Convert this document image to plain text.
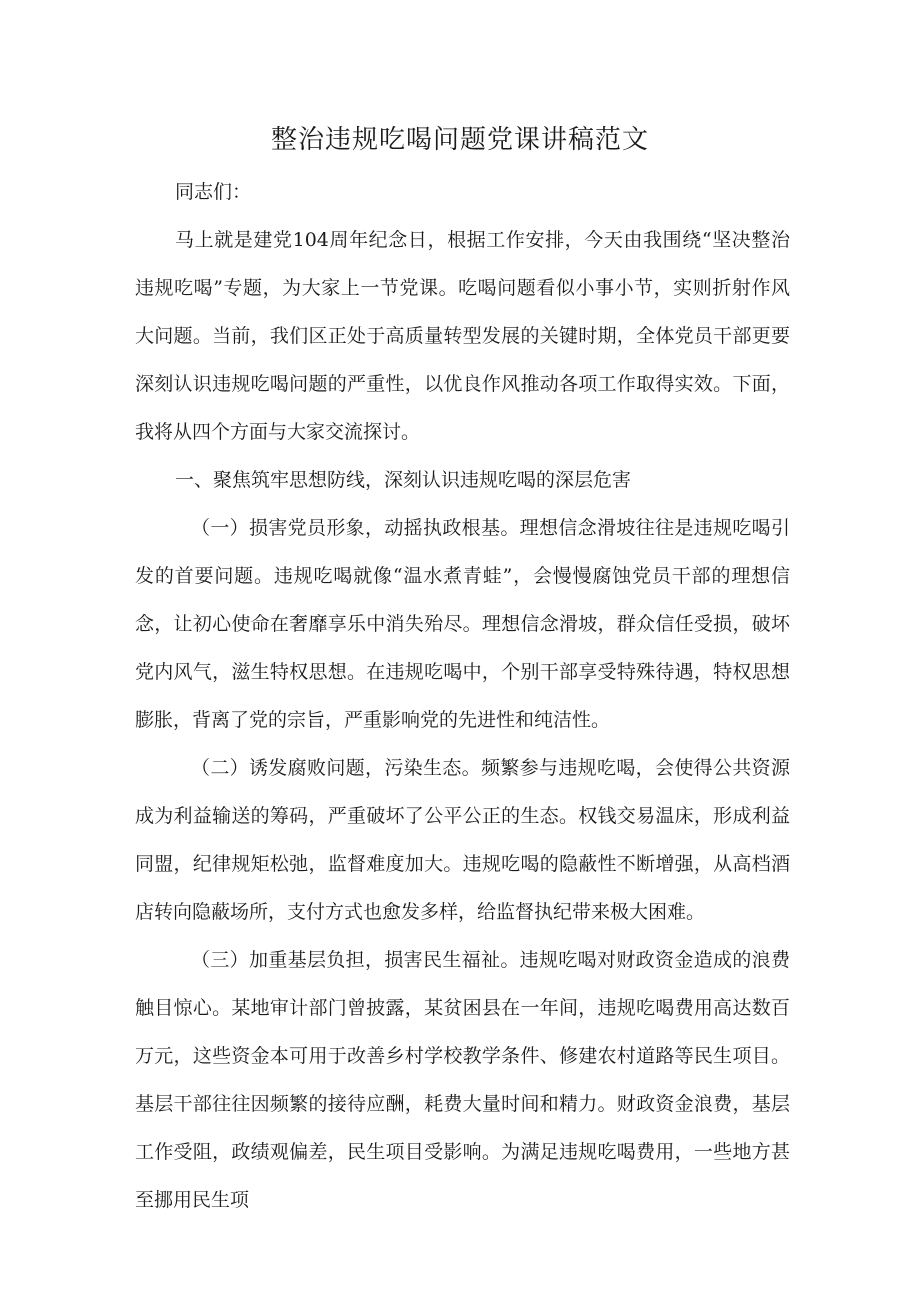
整治违规吃喝问题党课讲稿范文

同志们：

马上就是建党104周年纪念日，根据工作安排，今天由我围绕“坚决整治违规吃喝”专题，为大家上一节党课。吃喝问题看似小事小节，实则折射作风大问题。当前，我们区正处于高质量转型发展的关键时期，全体党员干部更要深刻认识违规吃喝问题的严重性，以优良作风推动各项工作取得实效。下面，我将从四个方面与大家交流探讨。

一、聚焦筑牢思想防线，深刻认识违规吃喝的深层危害

（一）损害党员形象，动摇执政根基。理想信念滑坡往往是违规吃喝引发的首要问题。违规吃喝就像“温水煮青蛙”，会慢慢腐蚀党员干部的理想信念，让初心使命在奢靡享乐中消失殆尽。理想信念滑坡，群众信任受损，破坏党内风气，滋生特权思想。在违规吃喝中，个别干部享受特殊待遇，特权思想膨胀，背离了党的宗旨，严重影响党的先进性和纯洁性。

（二）诱发腐败问题，污染生态。频繁参与违规吃喝，会使得公共资源成为利益输送的筹码，严重破坏了公平公正的生态。权钱交易温床，形成利益同盟，纪律规矩松弛，监督难度加大。违规吃喝的隐蔽性不断增强，从高档酒店转向隐蔽场所，支付方式也愈发多样，给监督执纪带来极大困难。

（三）加重基层负担，损害民生福祉。违规吃喝对财政资金造成的浪费触目惊心。某地审计部门曾披露，某贫困县在一年间，违规吃喝费用高达数百万元，这些资金本可用于改善乡村学校教学条件、修建农村道路等民生项目。基层干部往往因频繁的接待应酬，耗费大量时间和精力。财政资金浪费，基层工作受阻，政绩观偏差，民生项目受影响。为满足违规吃喝费用，一些地方甚至挪用民生项
